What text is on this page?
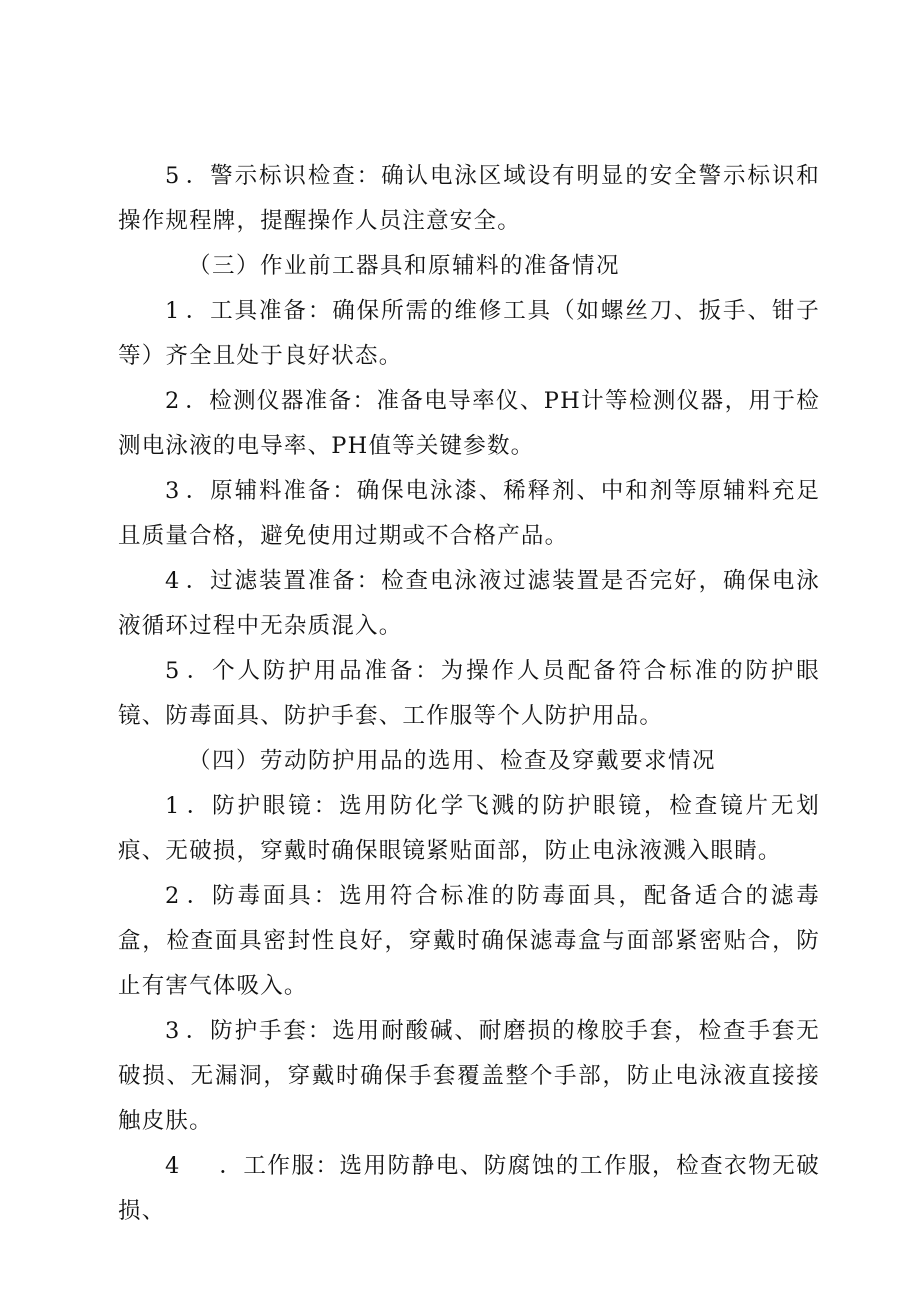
5 ．警示标识检查：确认电泳区域设有明显的安全警示标识和操作规程牌，提醒操作人员注意安全。

（三）作业前工器具和原辅料的准备情况

1 ．工具准备：确保所需的维修工具（如螺丝刀、扳手、钳子等）齐全且处于良好状态。

2 ．检测仪器准备：准备电导率仪、PH计等检测仪器，用于检测电泳液的电导率、PH值等关键参数。

3 ．原辅料准备：确保电泳漆、稀释剂、中和剂等原辅料充足且质量合格，避免使用过期或不合格产品。

4 ．过滤装置准备：检查电泳液过滤装置是否完好，确保电泳液循环过程中无杂质混入。

5 ．个人防护用品准备：为操作人员配备符合标准的防护眼镜、防毒面具、防护手套、工作服等个人防护用品。

（四）劳动防护用品的选用、检查及穿戴要求情况

1 ．防护眼镜：选用防化学飞溅的防护眼镜，检查镜片无划痕、无破损，穿戴时确保眼镜紧贴面部，防止电泳液溅入眼睛。

2 ．防毒面具：选用符合标准的防毒面具，配备适合的滤毒盒，检查面具密封性良好，穿戴时确保滤毒盒与面部紧密贴合，防止有害气体吸入。

3 ．防护手套：选用耐酸碱、耐磨损的橡胶手套，检查手套无破损、无漏洞，穿戴时确保手套覆盖整个手部，防止电泳液直接接触皮肤。

4 ．工作服：选用防静电、防腐蚀的工作服，检查衣物无破损、
